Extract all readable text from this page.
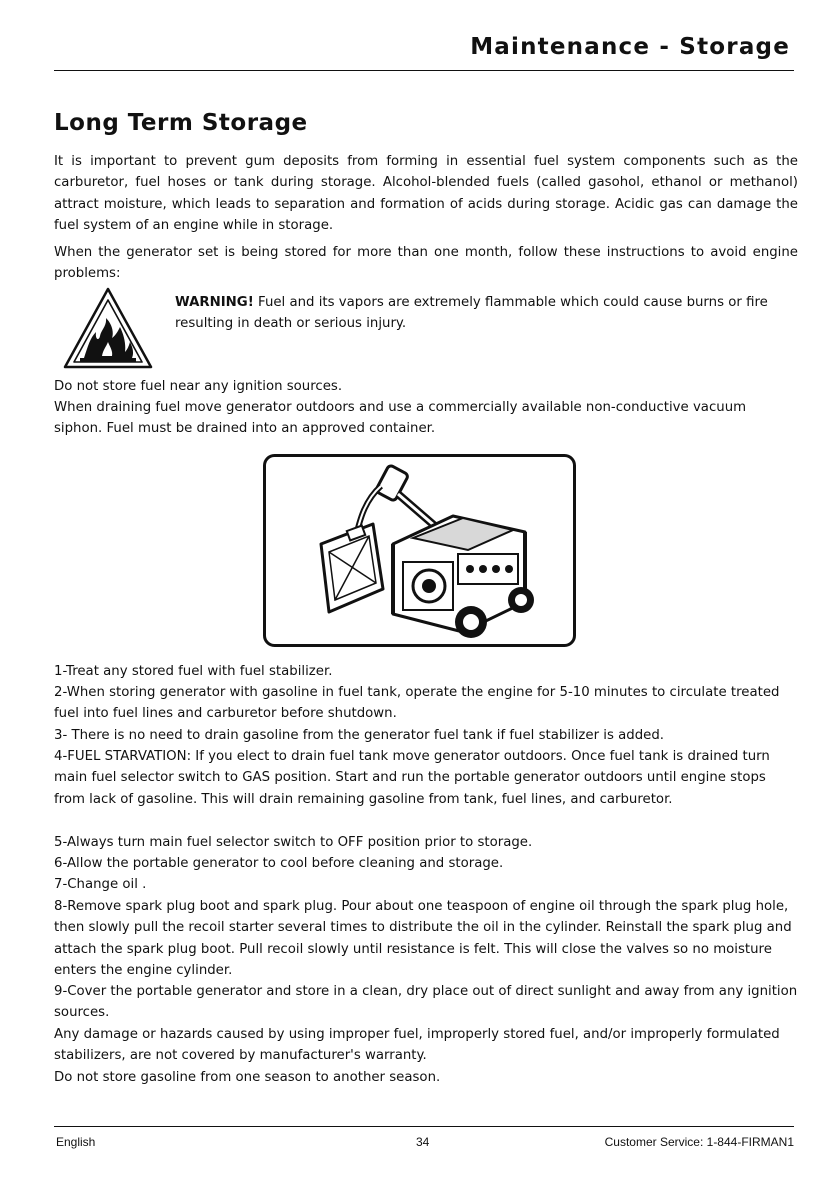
Maintenance - Storage
Long Term Storage

It is important to prevent gum deposits from forming in essential fuel system components such as the carburetor, fuel hoses or tank during storage. Alcohol-blended fuels (called gasohol, ethanol or methanol) attract moisture, which leads to separation and formation of acids during storage. Acidic gas can damage the fuel system of an engine while in storage.

When the generator set is being stored for more than one month, follow these instructions to avoid engine problems:

WARNING! Fuel and its vapors are extremely flammable which could cause burns or fire resulting in death or serious injury.

Do not store fuel near any ignition sources.

When draining fuel move generator outdoors and use a commercially available non-conductive vacuum siphon. Fuel must be drained into an approved container.

1-Treat any stored fuel with fuel stabilizer.

2-When storing generator with gasoline in fuel tank, operate the engine for 5-10 minutes to circulate treated fuel into fuel lines and carburetor before shutdown.

3- There is no need to drain gasoline from the generator fuel tank if fuel stabilizer is added.

4-FUEL STARVATION: If you elect to drain fuel tank move generator outdoors. Once fuel tank is drained turn main fuel selector switch to GAS position. Start and run the portable generator outdoors until engine stops from lack of gasoline. This will drain remaining gasoline from tank, fuel lines, and carburetor.

5-Always turn main fuel selector switch to OFF position prior to storage.

6-Allow the portable generator to cool before cleaning and storage.

7-Change oil .

8-Remove spark plug boot and spark plug. Pour about one teaspoon of engine oil through the spark plug hole, then slowly pull the recoil starter several times to distribute the oil in the cylinder. Reinstall the spark plug and attach the spark plug boot. Pull recoil slowly until resistance is felt. This will close the valves so no moisture enters the engine cylinder.

9-Cover the portable generator and store in a clean, dry place out of direct sunlight and away from any ignition sources.

Any damage or hazards caused by using improper fuel, improperly stored fuel, and/or improperly formulated stabilizers, are not covered by manufacturer's warranty.

Do not store gasoline from one season to another season.

English	34	Customer Service: 1-844-FIRMAN1
